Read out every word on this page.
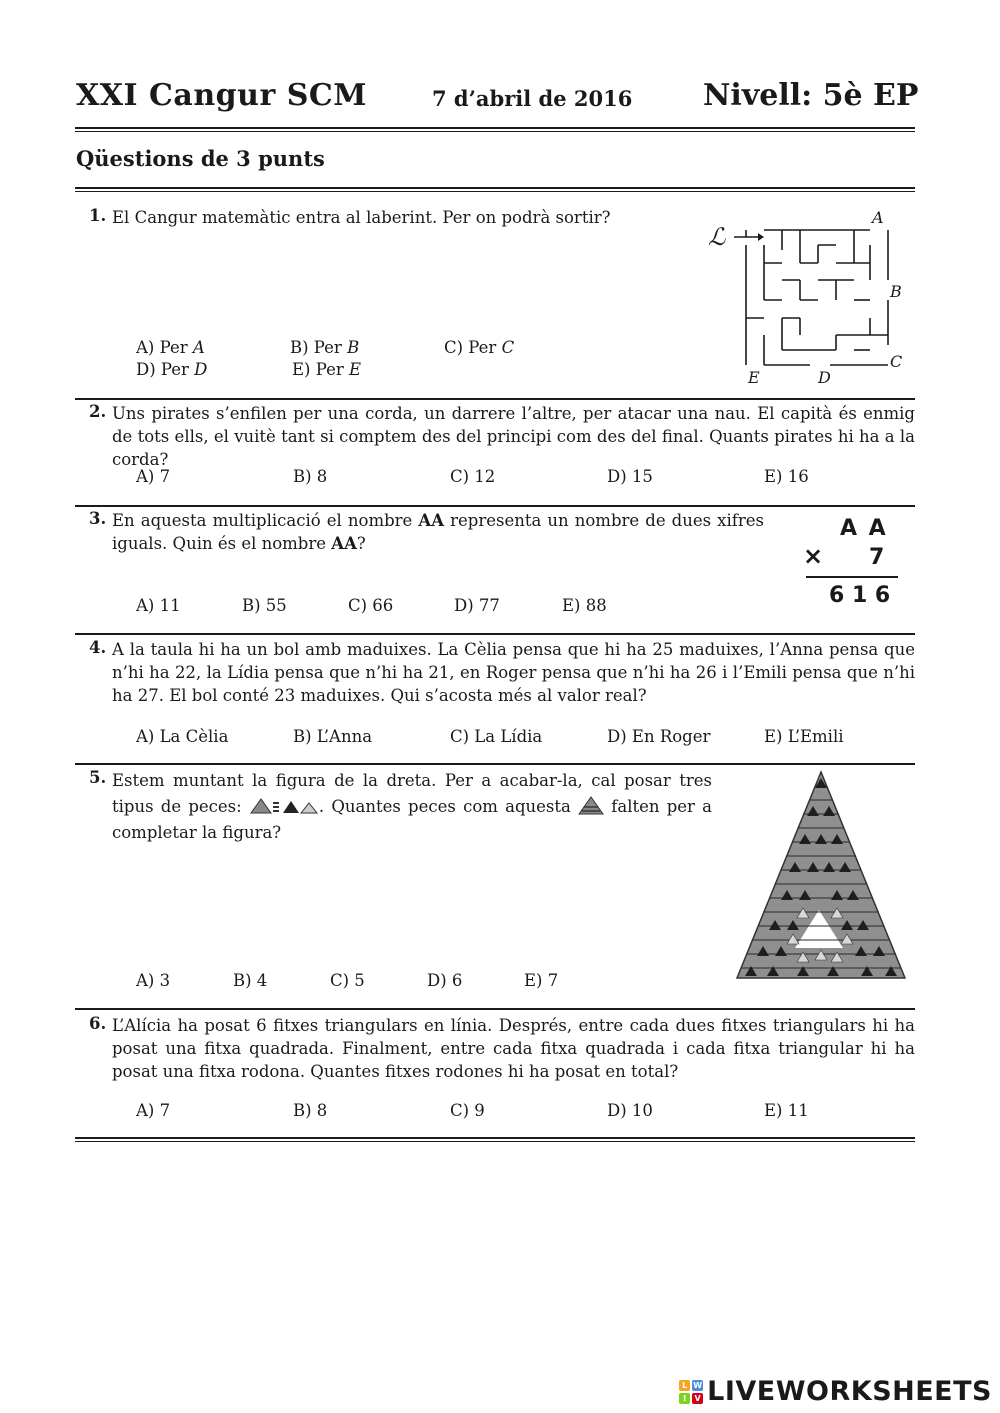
XXI Cangur SCM	7 d’abril de 2016 Nivell: 5è EP
Qüestions de 3 punts
1. El Cangur matemàtic entra al laberint. Per on podrà sortir?
A) Per A	B) Per B	C) Per C
D) Per D	E) Per E
ℒ
A
B
C
D
E
2. Uns pirates s’enfilen per una corda, un darrere l’altre, per atacar una nau. El capità és enmig de tots ells, el vuitè tant si comptem des del principi com des del final. Quants pirates hi ha a la corda?
A) 7	B) 8	C) 12	D) 15	E) 16
3. En aquesta multiplicació el nombre AA representa un nombre de dues xifres iguals. Quin és el nombre AA?
A) 11	B) 55	C) 66	D) 77	E) 88
A A
× 7
6 1 6
4. A la taula hi ha un bol amb maduixes. La Cèlia pensa que hi ha 25 maduixes, l’Anna pensa que n’hi ha 22, la Lídia pensa que n’hi ha 21, en Roger pensa que n’hi ha 26 i l’Emili pensa que n’hi ha 27. El bol conté 23 maduixes. Qui s’acosta més al valor real?
A) La Cèlia	B) L’Anna	C) La Lídia	D) En Roger	E) L’Emili
5. Estem muntant la figura de la dreta. Per a acabar-la, cal posar tres tipus de peces:	. Quantes peces com aquesta  falten per a completar la figura?
A) 3	B) 4	C) 5	D) 6	E) 7
6. L’Alícia ha posat 6 fitxes triangulars en línia. Després, entre cada dues fitxes triangulars hi ha posat una fitxa quadrada. Finalment, entre cada fitxa quadrada i cada fitxa triangular hi ha posat una fitxa rodona. Quantes fitxes rodones hi ha posat en total?
A) 7	B) 8	C) 9	D) 10	E) 11
L W
I	V LIVEWORKSHEETS
